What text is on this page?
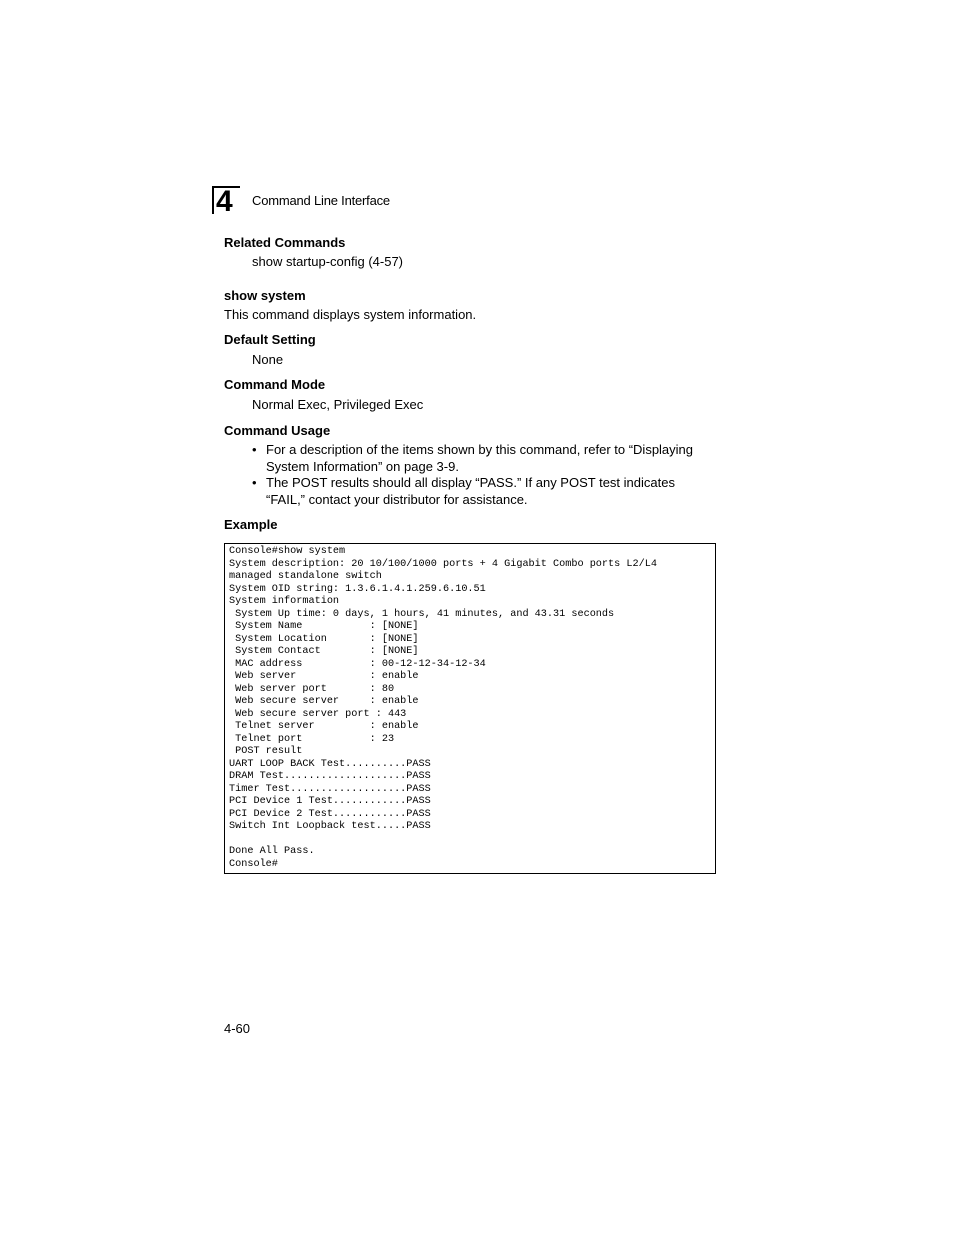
4	Command Line Interface
Related Commands
show startup-config (4-57)
show system
This command displays system information.
Default Setting
None
Command Mode
Normal Exec, Privileged Exec
Command Usage
• For a description of the items shown by this command, refer to “Displaying
System Information” on page 3-9.
• The POST results should all display “PASS.” If any POST test indicates
“FAIL,” contact your distributor for assistance.
Example
Console#show system
System description: 20 10/100/1000 ports + 4 Gigabit Combo ports L2/L4
managed standalone switch
System OID string: 1.3.6.1.4.1.259.6.10.51
System information
System Up time: 0 days, 1 hours, 41 minutes, and 43.31 seconds
System Name           : [NONE]
System Location       : [NONE]
System Contact        : [NONE]
MAC address           : 00-12-12-34-12-34
Web server            : enable
Web server port       : 80
Web secure server     : enable
Web secure server port : 443
Telnet server         : enable
Telnet port           : 23
POST result
UART LOOP BACK Test..........PASS
DRAM Test....................PASS
Timer Test...................PASS
PCI Device 1 Test............PASS
PCI Device 2 Test............PASS
Switch Int Loopback test.....PASS

Done All Pass.
Console#
4-60
